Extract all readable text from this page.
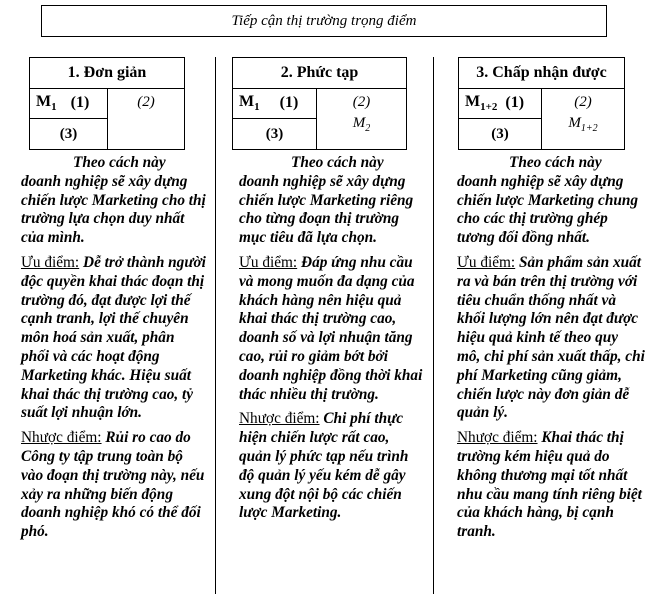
Tiếp cận thị trường trọng điểm
1. Đơn giản
$M_1$ (1)
(3)
(2)
2. Phức tạp
$M_1$ (1)
(3)
(2)
$M_2$
3. Chấp nhận được
$M_{1+2}$ (1)
(3)
(2)
$M_{1+2}$

Theo cách này doanh nghiệp sẽ xây dựng chiến lược Marketing cho thị trường lựa chọn duy nhất của mình.

Ưu điểm: Dễ trở thành người độc quyền khai thác đoạn thị trường đó, đạt được lợi thế cạnh tranh, lợi thế chuyên môn hoá sản xuất, phân phối và các hoạt động Marketing khác. Hiệu suất khai thác thị trường cao, tỷ suất lợi nhuận lớn.

Nhược điểm: Rủi ro cao do Công ty tập trung toàn bộ vào đoạn thị trường này, nếu xảy ra những biến động doanh nghiệp khó có thể đối phó.

Theo cách này doanh nghiệp sẽ xây dựng chiến lược Marketing riêng cho từng đoạn thị trường mục tiêu đã lựa chọn.

Ưu điểm: Đáp ứng nhu cầu và mong muốn đa dạng của khách hàng nên hiệu quả khai thác thị trường cao, doanh số và lợi nhuận tăng cao, rủi ro giảm bớt bởi doanh nghiệp đồng thời khai thác nhiều thị trường.

Nhược điểm: Chi phí thực hiện chiến lược rất cao, quản lý phức tạp nếu trình độ quản lý yếu kém dễ gây xung đột nội bộ các chiến lược Marketing.

Theo cách này doanh nghiệp sẽ xây dựng chiến lược Marketing chung cho các thị trường ghép tương đối đồng nhất.

Ưu điểm: Sản phẩm sản xuất ra và bán trên thị trường với tiêu chuẩn thống nhất và khối lượng lớn nên đạt được hiệu quả kinh tế theo quy mô, chi phí sản xuất thấp, chi phí Marketing cũng giảm, chiến lược này đơn giản dễ quản lý.

Nhược điểm: Khai thác thị trường kém hiệu quả do không thương mại tốt nhất nhu cầu mang tính riêng biệt của khách hàng, bị cạnh tranh.
